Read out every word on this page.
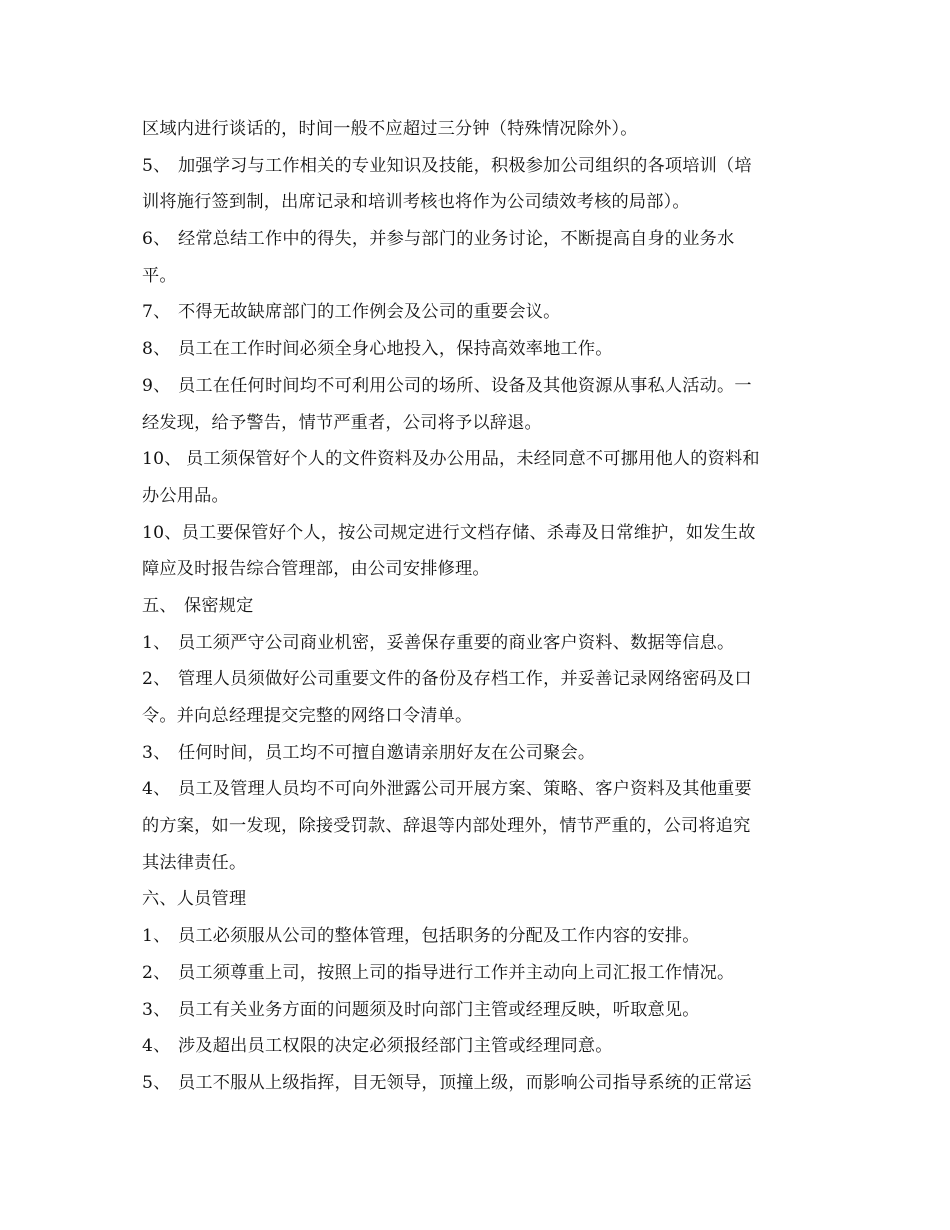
区域内进行谈话的，时间一般不应超过三分钟（特殊情况除外）。
5、 加强学习与工作相关的专业知识及技能，积极参加公司组织的各项培训（培
训将施行签到制，出席记录和培训考核也将作为公司绩效考核的局部）。
6、 经常总结工作中的得失，并参与部门的业务讨论，不断提高自身的业务水
平。
7、 不得无故缺席部门的工作例会及公司的重要会议。
8、 员工在工作时间必须全身心地投入，保持高效率地工作。
9、 员工在任何时间均不可利用公司的场所、设备及其他资源从事私人活动。一
经发现，给予警告，情节严重者，公司将予以辞退。
10、 员工须保管好个人的文件资料及办公用品，未经同意不可挪用他人的资料和
办公用品。
10、员工要保管好个人，按公司规定进行文档存储、杀毒及日常维护，如发生故
障应及时报告综合管理部，由公司安排修理。
五、 保密规定
1、 员工须严守公司商业机密，妥善保存重要的商业客户资料、数据等信息。
2、 管理人员须做好公司重要文件的备份及存档工作，并妥善记录网络密码及口
令。并向总经理提交完整的网络口令清单。
3、 任何时间，员工均不可擅自邀请亲朋好友在公司聚会。
4、 员工及管理人员均不可向外泄露公司开展方案、策略、客户资料及其他重要
的方案，如一发现，除接受罚款、辞退等内部处理外，情节严重的，公司将追究
其法律责任。
六、人员管理
1、 员工必须服从公司的整体管理，包括职务的分配及工作内容的安排。
2、 员工须尊重上司，按照上司的指导进行工作并主动向上司汇报工作情况。
3、 员工有关业务方面的问题须及时向部门主管或经理反映，听取意见。
4、 涉及超出员工权限的决定必须报经部门主管或经理同意。
5、 员工不服从上级指挥，目无领导，顶撞上级，而影响公司指导系统的正常运
